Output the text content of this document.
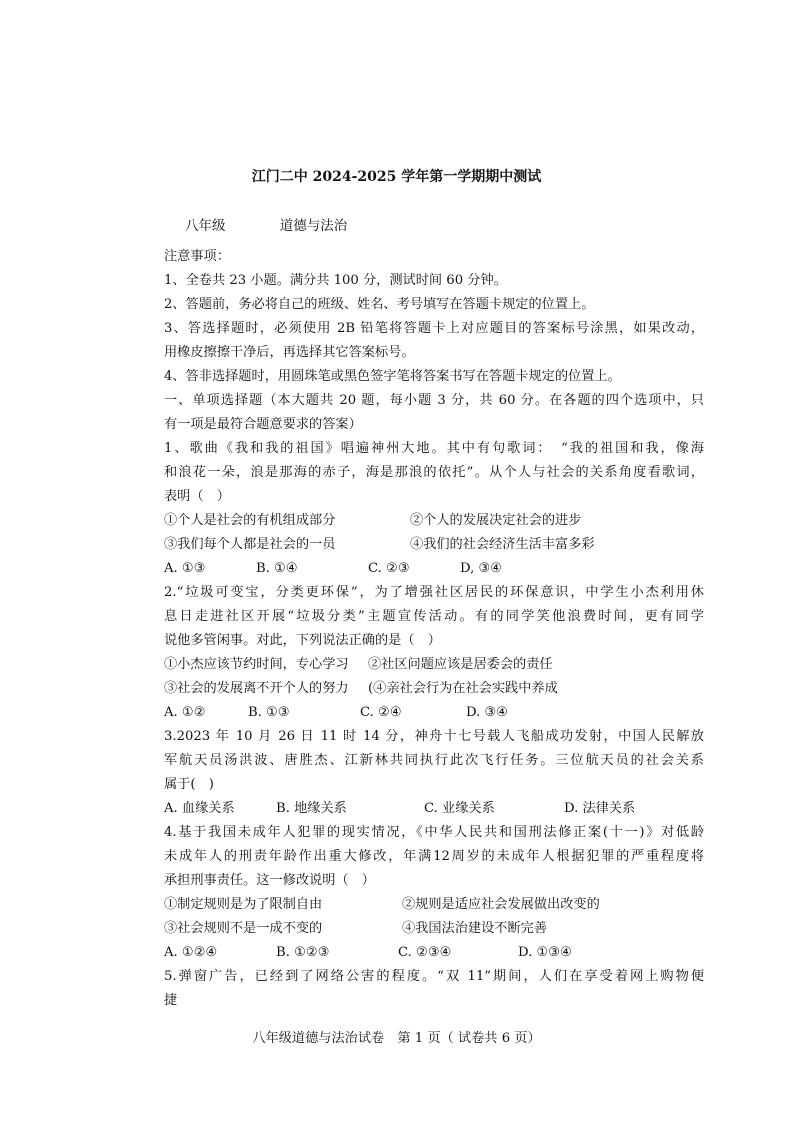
江门二中 2024-2025 学年第一学期期中测试
八年级	道德与法治
注意事项：
1、全卷共 23 小题。满分共 100 分，测试时间 60 分钟。
2、答题前，务必将自己的班级、姓名、考号填写在答题卡规定的位置上。
3、答选择题时，必须使用 2B 铅笔将答题卡上对应题目的答案标号涂黑，如果改动，
用橡皮擦擦干净后，再选择其它答案标号。
4、答非选择题时，用圆珠笔或黑色签字笔将答案书写在答题卡规定的位置上。
一、单项选择题（本大题共 20 题，每小题 3 分，共 60 分。在各题的四个选项中，只
有一项是最符合题意要求的答案）
1、歌曲《我和我的祖国》唱遍神州大地。其中有句歌词：　“我的祖国和我，像海
和浪花一朵，浪是那海的赤子，海是那浪的依托”。从个人与社会的关系角度看歌词，
表明（　）
①个人是社会的有机组成部分	②个人的发展决定社会的进步
③我们每个人都是社会的一员	④我们的社会经济生活丰富多彩
A. ①③	B. ①④	C. ②③	D, ③④
2.“垃圾可变宝，分类更环保”，为了增强社区居民的环保意识，中学生小杰利用休
息日走进社区开展“垃圾分类”主题宣传活动。有的同学笑他浪费时间，更有同学
说他多管闲事。对此，下列说法正确的是（　）
①小杰应该节约时间，专心学习 ②社区问题应该是居委会的责任
③社会的发展离不开个人的努力 (④亲社会行为在社会实践中养成
A. ①②	B. ①③	C. ②④	D. ③④
3.2023 年 10 月 26 日 11 时 14 分，神舟十七号载人飞船成功发射，中国人民解放
军航天员汤洪波、唐胜杰、江新林共同执行此次飞行任务。三位航天员的社会关系
属于(　)
A. 血缘关系	B. 地缘关系	C. 业缘关系	D. 法律关系
4.基于我国未成年人犯罪的现实情况，《中华人民共和国刑法修正案(十一)》对低龄
未成年人的刑责年龄作出重大修改，年满12周岁的未成年人根据犯罪的严重程度将
承担刑事责任。这一修改说明（　）
①制定规则是为了限制自由	②规则是适应社会发展做出改变的
③社会规则不是一成不变的	④我国法治建设不断完善
A. ①②④	B. ①②③	C. ②③④	D. ①③④
5.弹窗广告，已经到了网络公害的程度。“双 11”期间，人们在享受着网上购物便
捷
八年级道德与法治试卷　第 1 页（ 试卷共 6 页）
